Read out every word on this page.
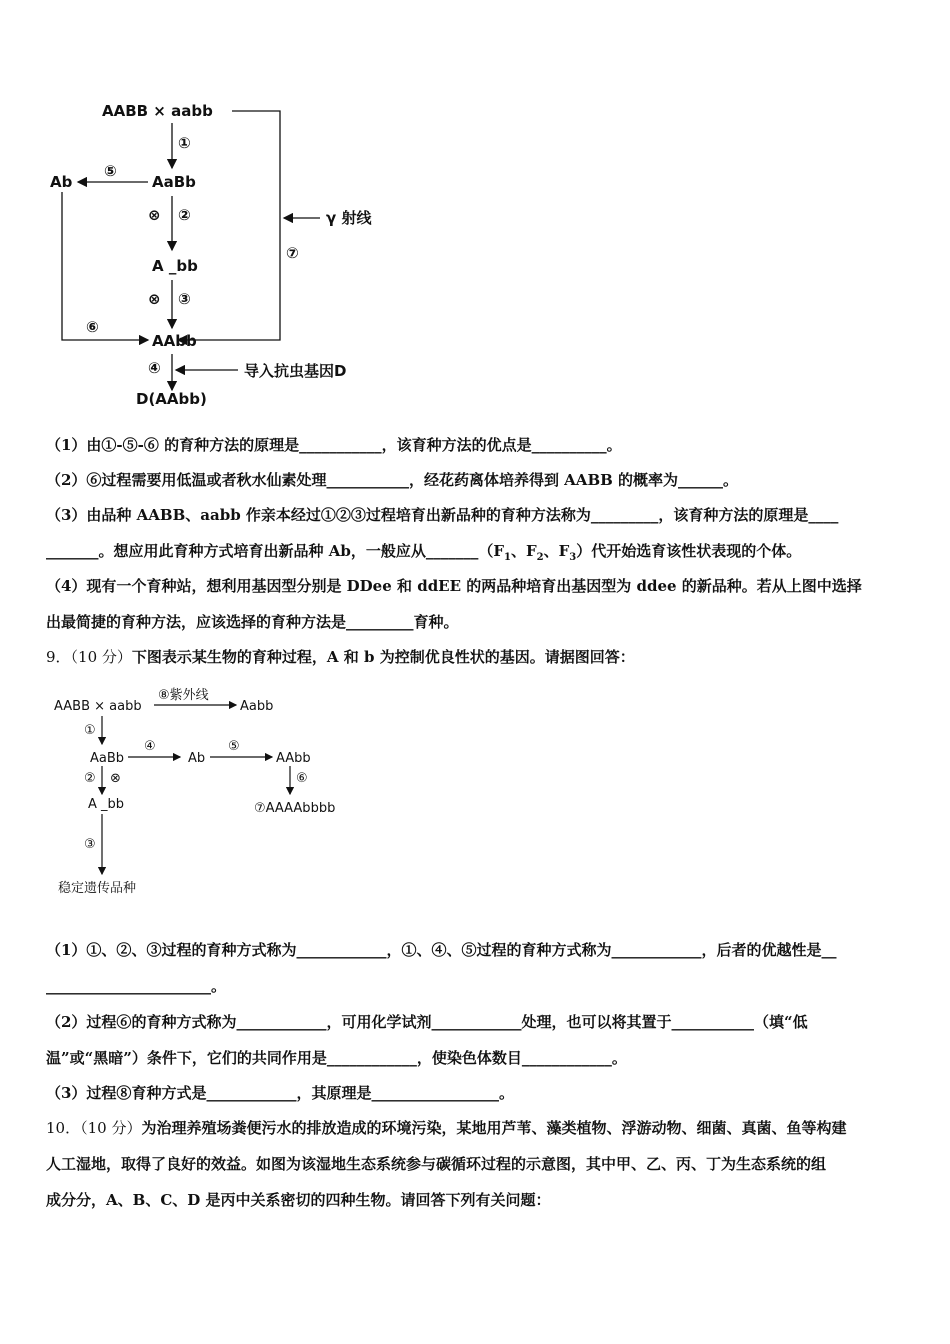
AABB × aabb
γ 射线
⑦
①
AaBb
⑤
Ab
⑥
⊗ ②
A _bb
⊗ ③
AAbb
④	导入抗虫基因D
D(AAbb)
（1）由①-⑤-⑥ 的育种方法的原理是___________，该育种方法的优点是__________。
（2）⑥过程需要用低温或者秋水仙素处理___________，经花药离体培养得到 AABB 的概率为______。
（3）由品种 AABB、aabb 作亲本经过①②③过程培育出新品种的育种方法称为_________，该育种方法的原理是____
_______。想应用此育种方式培育出新品种 Ab，一般应从$\_\_\_\_\_\_\_(F_1$、$F_2$、$F_3$）代开始选育该性状表现的个体。
（4）现有一个育种站，想利用基因型分别是 DDee 和 ddEE 的两品种培育出基因型为 ddee 的新品种。若从上图中选择
出最简捷的育种方法，应该选择的育种方法是_________育种。
9．（10 分）下图表示某生物的育种过程，A 和 b 为控制优良性状的基因。请据图回答：
AABB × aabb
⑧紫外线
Aabb
①
AaBb
④
Ab
⑤
AAbb
⑥
⑦AAAAbbbb
② ⊗
A _bb
③
稳定遗传品种
（1）①、②、③过程的育种方式称为____________，①、④、⑤过程的育种方式称为____________，后者的优越性是__
______________________。
（2）过程⑥的育种方式称为____________，可用化学试剂____________处理，也可以将其置于___________（填“低
温”或“黑暗”）条件下，它们的共同作用是____________，使染色体数目____________。
（3）过程⑧育种方式是____________，其原理是_________________。
10．（10 分）为治理养殖场粪便污水的排放造成的环境污染，某地用芦苇、藻类植物、浮游动物、细菌、真菌、鱼等构建
人工湿地，取得了良好的效益。如图为该湿地生态系统参与碳循环过程的示意图，其中甲、乙、丙、丁为生态系统的组
成分分，A、B、C、D 是丙中关系密切的四种生物。请回答下列有关问题：
